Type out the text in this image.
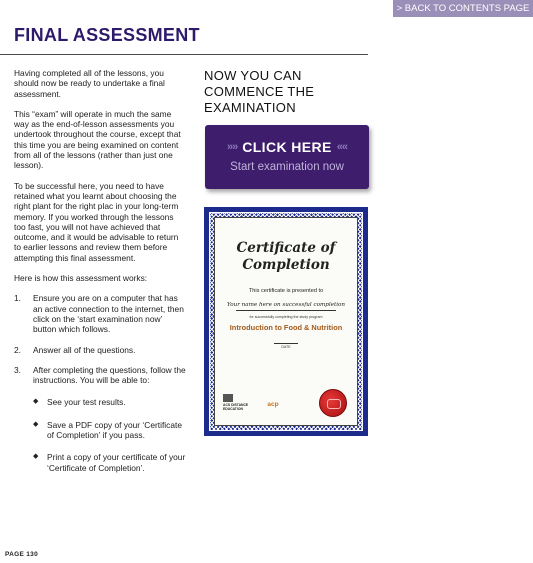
> BACK TO CONTENTS PAGE
FINAL ASSESSMENT

Having completed all of the lessons, you should now be ready to undertake a final assessment.

This “exam” will operate in much the same way as the end-of-lesson assessments you undertook throughout the course, except that this time you are being examined on content from all of the lessons (rather than just one lesson).

To be successful here, you need to have retained what you learnt about choosing the right plant for the right plac in your long-term memory. If you worked through the lessons too fast, you will not have achieved that outcome, and it would be advisable to return to earlier lessons and review them before attempting this final assessment.

Here is how this assessment works:

1. Ensure you are on a computer that has an active connection to the internet, then click on the ‘start examination now’ button which follows.
2. Answer all of the questions.
3. After completing the questions, follow the instructions. You will be able to:
◆ See your test results.
◆ Save a PDF copy of your ‘Certificate of Completion’ if you pass.
◆ Print a copy of your certificate of your ‘Certificate of Completion’.
NOW YOU CAN COMMENCE THE EXAMINATION
»» CLICK HERE ««
Start examination now
Certificate of
Completion
This certificate is presented to
Your name here on successful completion
for successfully completing the study program
Introduction to Food & Nutrition
DATE
ACS DISTANCE EDUCATION
acp
PAGE 130
